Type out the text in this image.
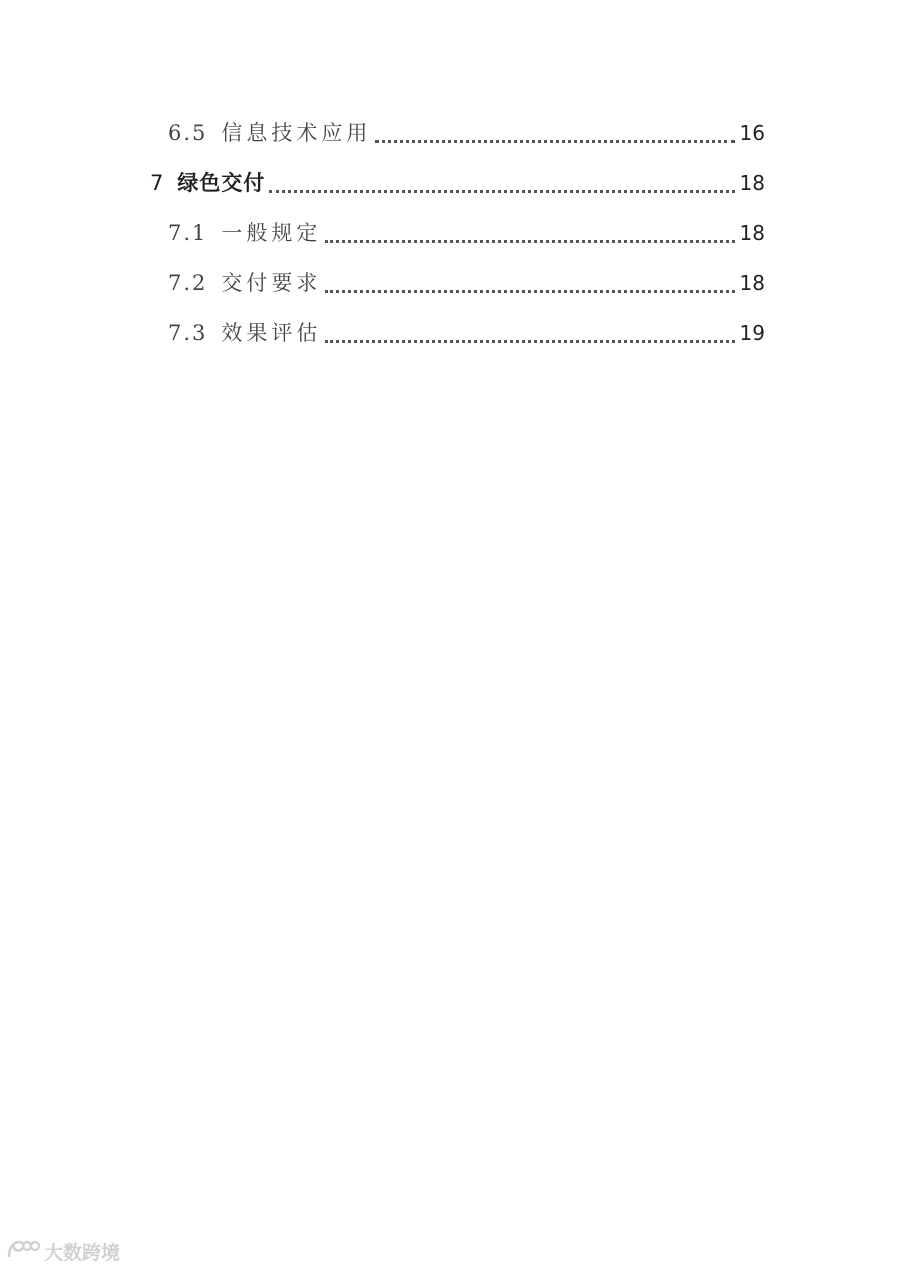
6.5 信息技术应用	16
7 绿色交付	18
7.1 一般规定	18
7.2 交付要求	18
7.3 效果评估	19
大数跨境
